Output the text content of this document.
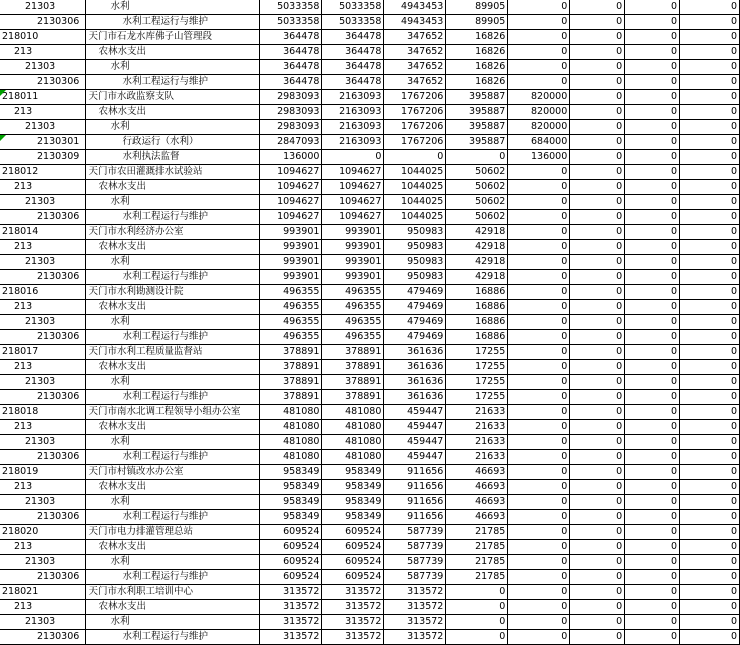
21303	水利	5033358	5033358	4943453	89905	0	0	0	0
2130306	水利工程运行与维护	5033358	5033358	4943453	89905	0	0	0	0
218010	天门市石龙水库佛子山管理段	364478	364478	347652	16826	0	0	0	0
213	农林水支出	364478	364478	347652	16826	0	0	0	0
21303	水利	364478	364478	347652	16826	0	0	0	0
2130306	水利工程运行与维护	364478	364478	347652	16826	0	0	0	0
218011	天门市水政监察支队	2983093	2163093	1767206	395887	820000	0	0	0
213	农林水支出	2983093	2163093	1767206	395887	820000	0	0	0
21303	水利	2983093	2163093	1767206	395887	820000	0	0	0
2130301	行政运行（水利）	2847093	2163093	1767206	395887	684000	0	0	0
2130309	水利执法监督	136000	0	0	0	136000	0	0	0
218012	天门市农田灌溉排水试验站	1094627	1094627	1044025	50602	0	0	0	0
213	农林水支出	1094627	1094627	1044025	50602	0	0	0	0
21303	水利	1094627	1094627	1044025	50602	0	0	0	0
2130306	水利工程运行与维护	1094627	1094627	1044025	50602	0	0	0	0
218014	天门市水利经济办公室	993901	993901	950983	42918	0	0	0	0
213	农林水支出	993901	993901	950983	42918	0	0	0	0
21303	水利	993901	993901	950983	42918	0	0	0	0
2130306	水利工程运行与维护	993901	993901	950983	42918	0	0	0	0
218016	天门市水利勘测设计院	496355	496355	479469	16886	0	0	0	0
213	农林水支出	496355	496355	479469	16886	0	0	0	0
21303	水利	496355	496355	479469	16886	0	0	0	0
2130306	水利工程运行与维护	496355	496355	479469	16886	0	0	0	0
218017	天门市水利工程质量监督站	378891	378891	361636	17255	0	0	0	0
213	农林水支出	378891	378891	361636	17255	0	0	0	0
21303	水利	378891	378891	361636	17255	0	0	0	0
2130306	水利工程运行与维护	378891	378891	361636	17255	0	0	0	0
218018	天门市南水北调工程领导小组办公室	481080	481080	459447	21633	0	0	0	0
213	农林水支出	481080	481080	459447	21633	0	0	0	0
21303	水利	481080	481080	459447	21633	0	0	0	0
2130306	水利工程运行与维护	481080	481080	459447	21633	0	0	0	0
218019	天门市村镇改水办公室	958349	958349	911656	46693	0	0	0	0
213	农林水支出	958349	958349	911656	46693	0	0	0	0
21303	水利	958349	958349	911656	46693	0	0	0	0
2130306	水利工程运行与维护	958349	958349	911656	46693	0	0	0	0
218020	天门市电力排灌管理总站	609524	609524	587739	21785	0	0	0	0
213	农林水支出	609524	609524	587739	21785	0	0	0	0
21303	水利	609524	609524	587739	21785	0	0	0	0
2130306	水利工程运行与维护	609524	609524	587739	21785	0	0	0	0
218021	天门市水利职工培训中心	313572	313572	313572	0	0	0	0	0
213	农林水支出	313572	313572	313572	0	0	0	0	0
21303	水利	313572	313572	313572	0	0	0	0	0
2130306	水利工程运行与维护	313572	313572	313572	0	0	0	0	0
